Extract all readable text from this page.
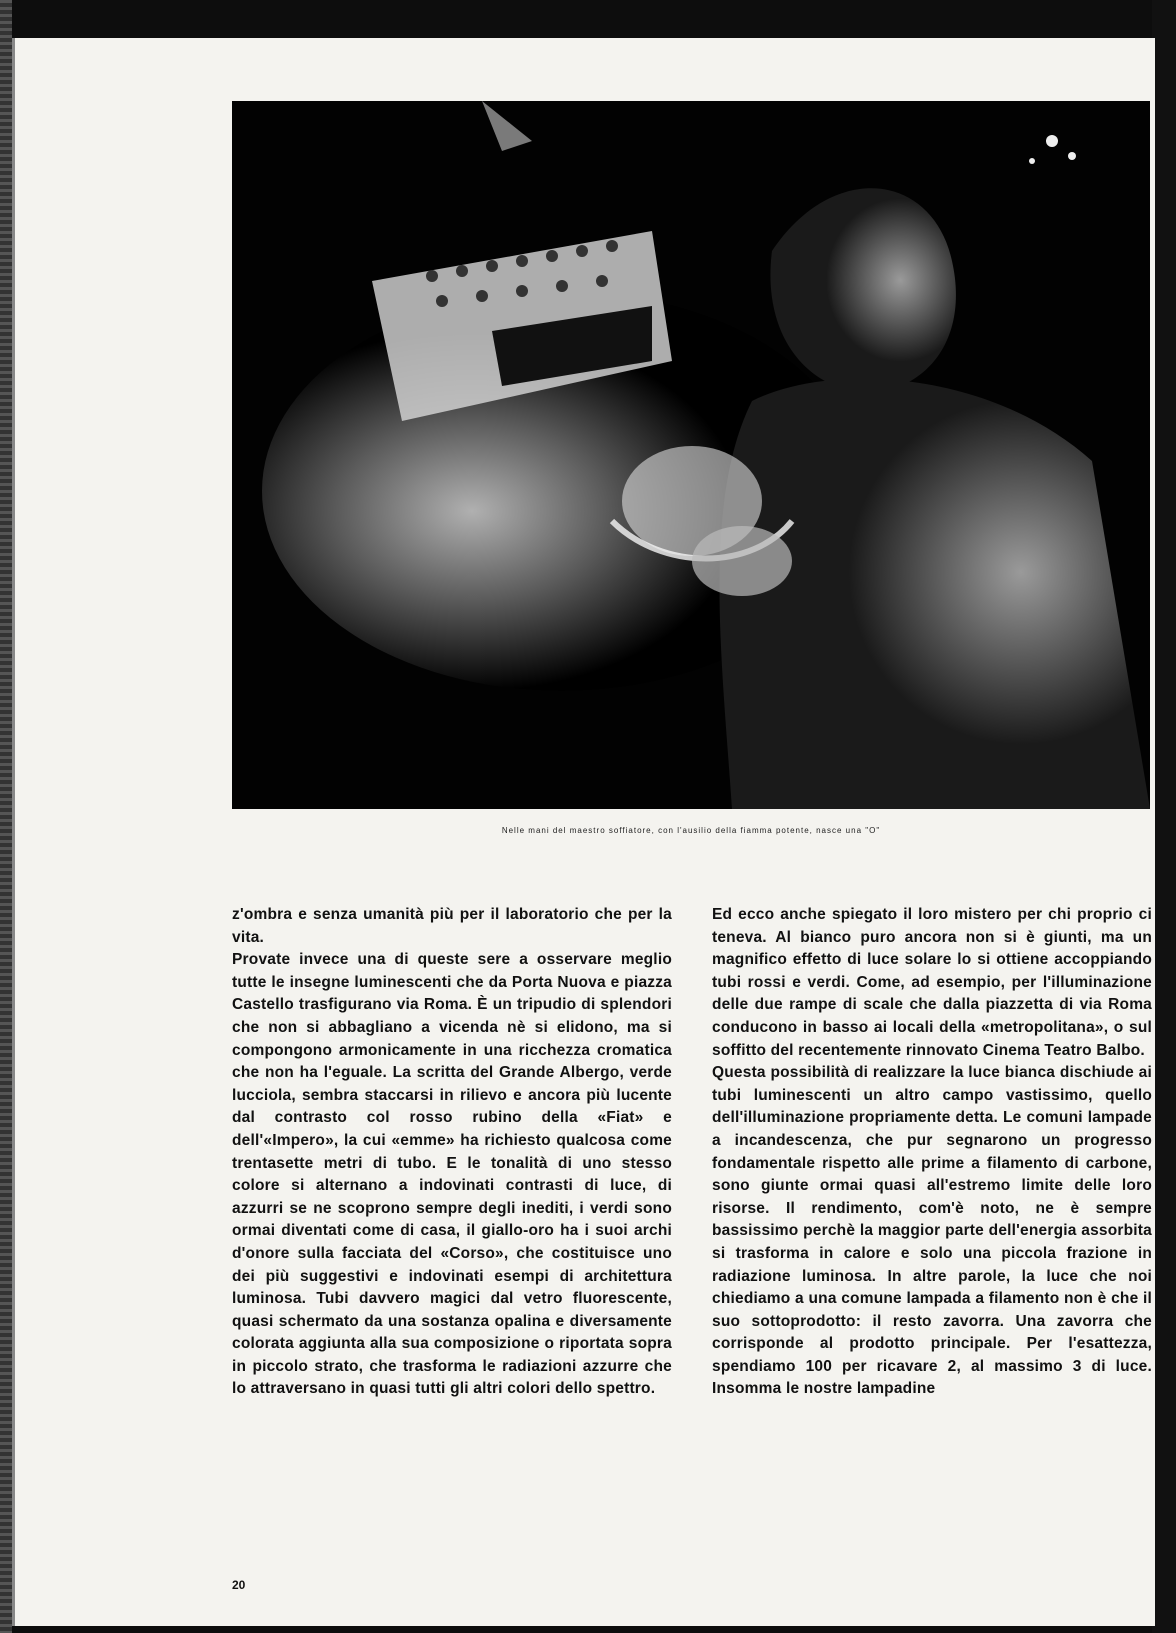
Nelle mani del maestro soffiatore, con l'ausilio della fiamma potente, nasce una "O"

z'ombra e senza umanità più per il laboratorio che per la vita.

Provate invece una di queste sere a osservare meglio tutte le insegne luminescenti che da Porta Nuova e piazza Castello trasfigurano via Roma. È un tripudio di splendori che non si abbagliano a vicenda nè si elidono, ma si compongono armonicamente in una ricchezza cromatica che non ha l'eguale. La scritta del Grande Albergo, verde lucciola, sembra staccarsi in rilievo e ancora più lucente dal contrasto col rosso rubino della «Fiat» e dell'«Impero», la cui «emme» ha richiesto qualcosa come trentasette metri di tubo. E le tonalità di uno stesso colore si alternano a indovinati contrasti di luce, di azzurri se ne scoprono sempre degli inediti, i verdi sono ormai diventati come di casa, il giallo-oro ha i suoi archi d'onore sulla facciata del «Corso», che costituisce uno dei più suggestivi e indovinati esempi di architettura luminosa. Tubi davvero magici dal vetro fluorescente, quasi schermato da una sostanza opalina e diversamente colorata aggiunta alla sua composizione o riportata sopra in piccolo strato, che trasforma le radiazioni azzurre che lo attraversano in quasi tutti gli altri colori dello spettro.

Ed ecco anche spiegato il loro mistero per chi proprio ci teneva. Al bianco puro ancora non si è giunti, ma un magnifico effetto di luce solare lo si ottiene accoppiando tubi rossi e verdi. Come, ad esempio, per l'illuminazione delle due rampe di scale che dalla piazzetta di via Roma conducono in basso ai locali della «metropolitana», o sul soffitto del recentemente rinnovato Cinema Teatro Balbo.

Questa possibilità di realizzare la luce bianca dischiude ai tubi luminescenti un altro campo vastissimo, quello dell'illuminazione propriamente detta. Le comuni lampade a incandescenza, che pur segnarono un progresso fondamentale rispetto alle prime a filamento di carbone, sono giunte ormai quasi all'estremo limite delle loro risorse. Il rendimento, com'è noto, ne è sempre bassissimo perchè la maggior parte dell'energia assorbita si trasforma in calore e solo una piccola frazione in radiazione luminosa. In altre parole, la luce che noi chiediamo a una comune lampada a filamento non è che il suo sottoprodotto: il resto zavorra. Una zavorra che corrisponde al prodotto principale. Per l'esattezza, spendiamo 100 per ricavare 2, al massimo 3 di luce. Insomma le nostre lampadine

20
